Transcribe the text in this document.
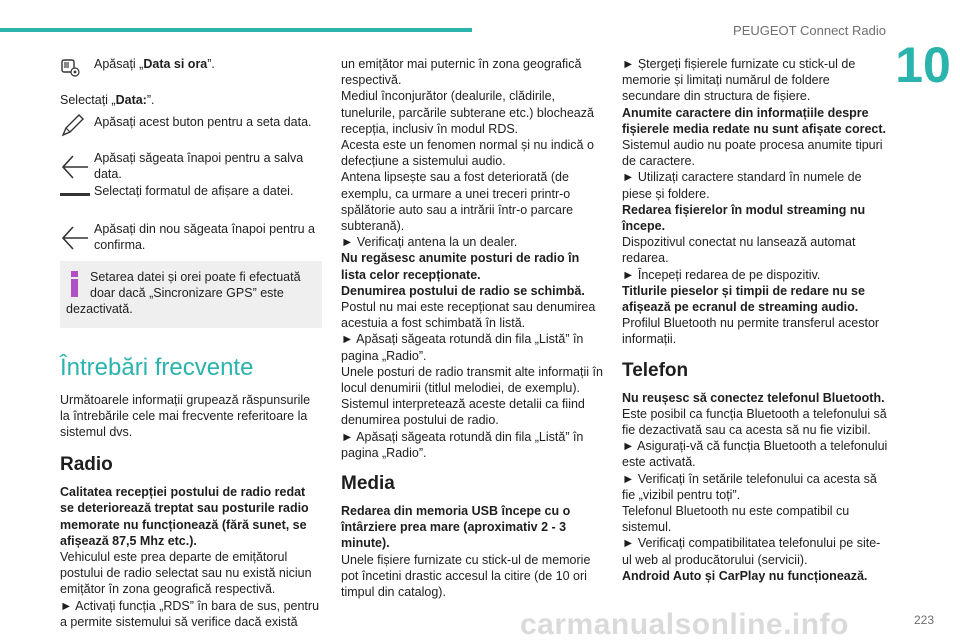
PEUGEOT Connect Radio
10

Apăsați „Data si ora”.

Selectați „Data:”.

Apăsați acest buton pentru a seta data.

Apăsați săgeata înapoi pentru a salva data.

Selectați formatul de afișare a datei.

Apăsați din nou săgeata înapoi pentru a confirma.

Setarea datei și orei poate fi efectuată doar dacă „Sincronizare GPS” este

dezactivată.

Întrebări frecvente

Următoarele informații grupează răspunsurile la întrebările cele mai frecvente referitoare la sistemul dvs.

Radio

Calitatea recepției postului de radio redat se deteriorează treptat sau posturile radio memorate nu funcționează (fără sunet, se afișează 87,5 Mhz etc.).

Vehiculul este prea departe de emițătorul postului de radio selectat sau nu există niciun emițător în zona geografică respectivă.

► Activați funcția „RDS” în bara de sus, pentru a permite sistemului să verifice dacă există

un emițător mai puternic în zona geografică respectivă.

Mediul înconjurător (dealurile, clădirile, tunelurile, parcările subterane etc.) blochează recepția, inclusiv în modul RDS.

Acesta este un fenomen normal și nu indică o defecțiune a sistemului audio.

Antena lipsește sau a fost deteriorată (de exemplu, ca urmare a unei treceri printr-o spălătorie auto sau a intrării într-o parcare subterană).

► Verificați antena la un dealer.

Nu regăsesc anumite posturi de radio în lista celor recepționate.

Denumirea postului de radio se schimbă.

Postul nu mai este recepționat sau denumirea acestuia a fost schimbată în listă.

► Apăsați săgeata rotundă din fila „Listă” în pagina „Radio”.

Unele posturi de radio transmit alte informații în locul denumirii (titlul melodiei, de exemplu).

Sistemul interpretează aceste detalii ca fiind denumirea postului de radio.

► Apăsați săgeata rotundă din fila „Listă” în pagina „Radio”.

Media

Redarea din memoria USB începe cu o întârziere prea mare (aproximativ 2 - 3 minute).

Unele fișiere furnizate cu stick-ul de memorie pot încetini drastic accesul la citire (de 10 ori timpul din catalog).

► Ștergeți fișierele furnizate cu stick-ul de memorie și limitați numărul de foldere secundare din structura de fișiere.

Anumite caractere din informațiile despre fișierele media redate nu sunt afișate corect.

Sistemul audio nu poate procesa anumite tipuri de caractere.

► Utilizați caractere standard în numele de piese și foldere.

Redarea fișierelor în modul streaming nu începe.

Dispozitivul conectat nu lansează automat redarea.

► Începeți redarea de pe dispozitiv.

Titlurile pieselor și timpii de redare nu se afișează pe ecranul de streaming audio.

Profilul Bluetooth nu permite transferul acestor informații.

Telefon

Nu reușesc să conectez telefonul Bluetooth.

Este posibil ca funcția Bluetooth a telefonului să fie dezactivată sau ca acesta să nu fie vizibil.

► Asigurați-vă că funcția Bluetooth a telefonului este activată.

► Verificați în setările telefonului ca acesta să fie „vizibil pentru toți”.

Telefonul Bluetooth nu este compatibil cu sistemul.

► Verificați compatibilitatea telefonului pe site-ul web al producătorului (servicii).

Android Auto și CarPlay nu funcționează.

carmanualsonline.info	223
